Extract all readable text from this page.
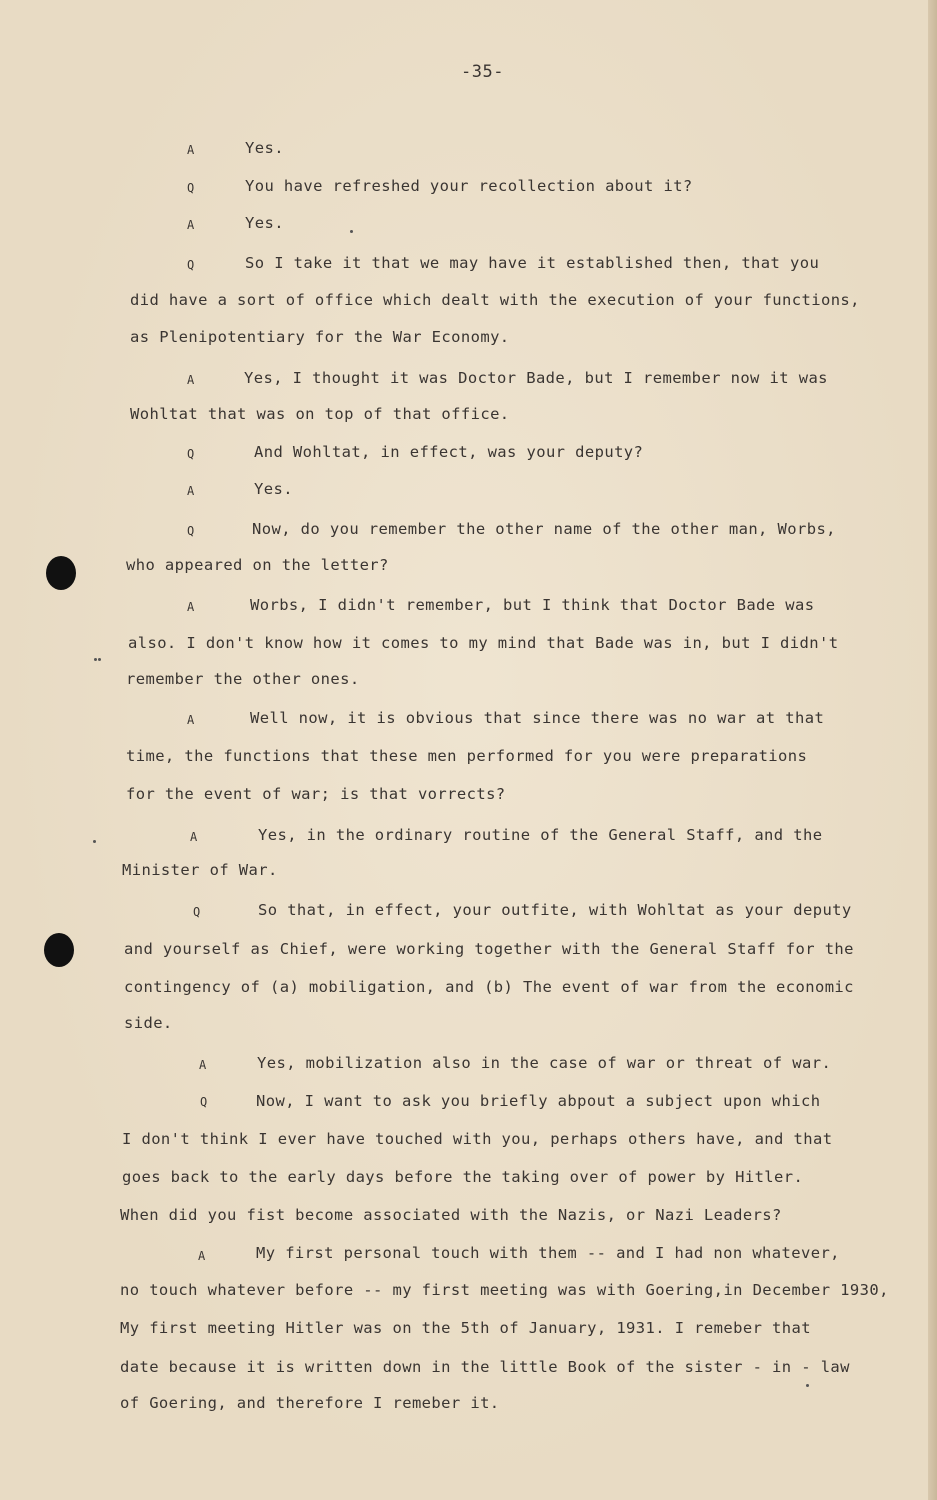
-35-
A
Q
A
Q
A
Q
A
Q
A
A
A
Q
A
Q
A
Yes.
You have refreshed your recollection about it?
Yes.
So I take it that we may have it established then, that you
did have a sort of office which dealt with the execution of your functions,
as Plenipotentiary for the War Economy.
Yes, I thought it was Doctor Bade, but I remember now it was
Wohltat that was on top of that office.
And Wohltat, in effect, was your deputy?
Yes.
Now, do you remember the other name of the other man, Worbs,
who appeared on the letter?
Worbs, I didn't remember, but I think that Doctor Bade was
also. I don't know how it comes to my mind that Bade was in, but I didn't
remember the other ones.
Well now, it is obvious that since there was no war at that
time, the functions that these men performed for you were preparations
for the event of war; is that vorrects?
Yes, in the ordinary routine of the General Staff, and the
Minister of War.
So that, in effect, your outfite, with Wohltat as your deputy
and yourself as Chief, were working together with the General Staff for the
contingency of (a) mobiligation, and (b) The event of war from the economic
side.
Yes, mobilization also in the case of war or threat of war.
Now, I want to ask you briefly abpout a subject upon which
I don't think I ever have touched with you, perhaps others have, and that
goes back to the early days before the taking over of power by Hitler.
When did you fist become associated with the Nazis, or Nazi Leaders?
My first personal touch with them -- and I had non whatever,
no touch whatever before -- my first meeting was with Goering,in December 1930,
My first meeting Hitler was on the 5th of January, 1931. I remeber that
date because it is written down in the little Book of the sister - in - law
of Goering, and therefore I remeber it.
